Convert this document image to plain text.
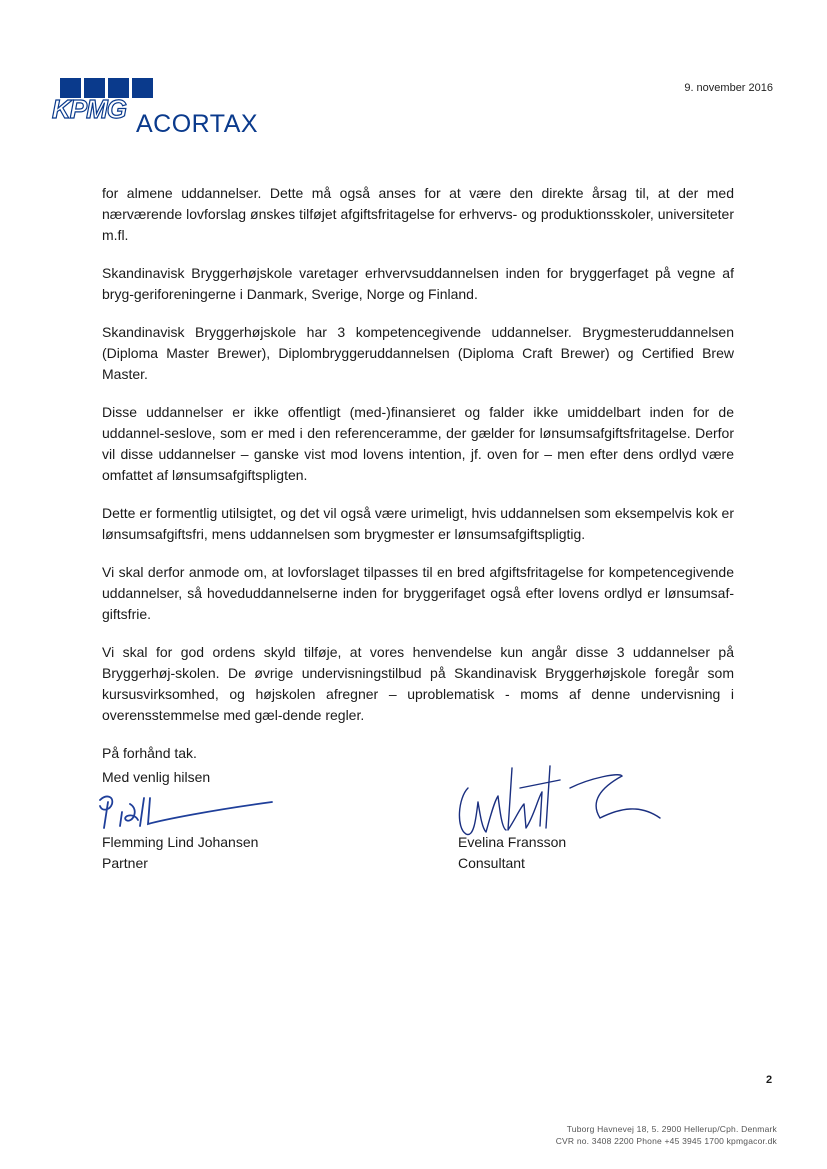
KPMG ACORTAX
9. november 2016

for almene uddannelser. Dette må også anses for at være den direkte årsag til, at der med nærværende lovforslag ønskes tilføjet afgiftsfritagelse for erhvervs- og produktionsskoler, universiteter m.fl.

Skandinavisk Bryggerhøjskole varetager erhvervsuddannelsen inden for bryggerfaget på vegne af bryg-geriforeningerne i Danmark, Sverige, Norge og Finland.

Skandinavisk Bryggerhøjskole har 3 kompetencegivende uddannelser. Brygmesteruddannelsen (Diploma Master Brewer), Diplombryggeruddannelsen (Diploma Craft Brewer) og Certified Brew Master.

Disse uddannelser er ikke offentligt (med-)finansieret og falder ikke umiddelbart inden for de uddannel-seslove, som er med i den referenceramme, der gælder for lønsumsafgiftsfritagelse. Derfor vil disse uddannelser – ganske vist mod lovens intention, jf. oven for – men efter dens ordlyd være omfattet af lønsumsafgiftspligten.

Dette er formentlig utilsigtet, og det vil også være urimeligt, hvis uddannelsen som eksempelvis kok er lønsumsafgiftsfri, mens uddannelsen som brygmester er lønsumsafgiftspligtig.

Vi skal derfor anmode om, at lovforslaget tilpasses til en bred afgiftsfritagelse for kompetencegivende uddannelser, så hoveduddannelserne inden for bryggerifaget også efter lovens ordlyd er lønsumsaf-giftsfrie.

Vi skal for god ordens skyld tilføje, at vores henvendelse kun angår disse 3 uddannelser på Bryggerhøj-skolen. De øvrige undervisningstilbud på Skandinavisk Bryggerhøjskole foregår som kursusvirksomhed, og højskolen afregner – uproblematisk - moms af denne undervisning i overensstemmelse med gæl-dende regler.

På forhånd tak.

Med venlig hilsen
Flemming Lind Johansen
Partner
Evelina Fransson
Consultant
2
Tuborg Havnevej 18, 5. 2900 Hellerup/Cph. Denmark
CVR no. 3408 2200 Phone +45 3945 1700 kpmgacor.dk
